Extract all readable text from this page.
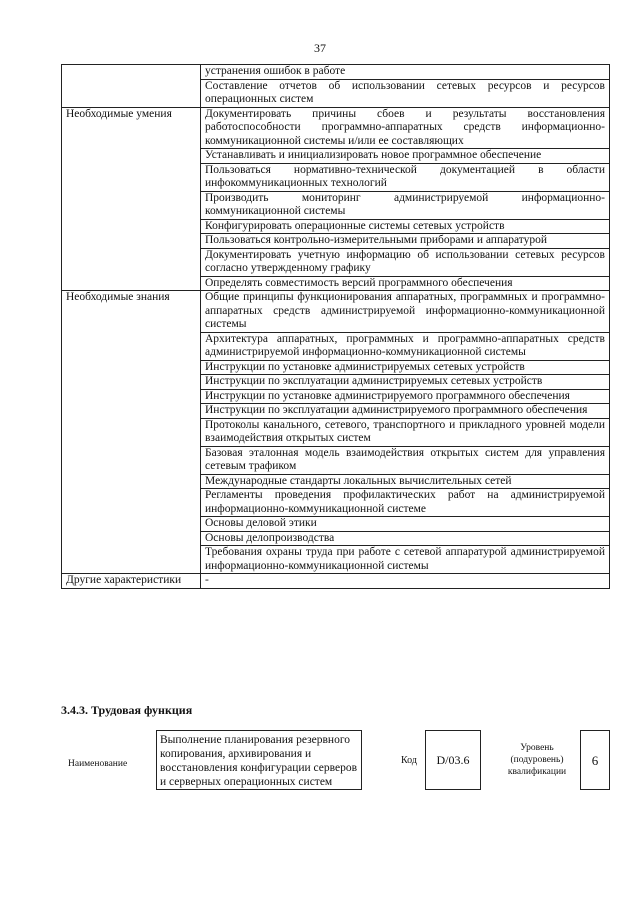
37
	устранения ошибок в работе
	Составление отчетов об использовании сетевых ресурсов и ресурсов операционных систем
Необходимые умения	Документировать причины сбоев и результаты восстановления работоспособности программно-аппаратных средств информационно-коммуникационной системы и/или ее составляющих
	Устанавливать и инициализировать новое программное обеспечение
	Пользоваться нормативно-технической документацией в области инфокоммуникационных технологий
	Производить мониторинг администрируемой информационно-коммуникационной системы
	Конфигурировать операционные системы сетевых устройств
	Пользоваться контрольно-измерительными приборами и аппаратурой
	Документировать учетную информацию об использовании сетевых ресурсов согласно утвержденному графику
	Определять совместимость версий программного обеспечения
Необходимые знания	Общие принципы функционирования аппаратных, программных и программно-аппаратных средств администрируемой информационно-коммуникационной системы
	Архитектура аппаратных, программных и программно-аппаратных средств администрируемой информационно-коммуникационной системы
	Инструкции по установке администрируемых сетевых устройств
	Инструкции по эксплуатации администрируемых сетевых устройств
	Инструкции по установке администрируемого программного обеспечения
	Инструкции по эксплуатации администрируемого программного обеспечения
	Протоколы канального, сетевого, транспортного и прикладного уровней модели взаимодействия открытых систем
	Базовая эталонная модель взаимодействия открытых систем для управления сетевым трафиком
	Международные стандарты локальных вычислительных сетей
	Регламенты проведения профилактических работ на администрируемой информационно-коммуникационной системе
	Основы деловой этики
	Основы делопроизводства
	Требования охраны труда при работе с сетевой аппаратурой администрируемой информационно-коммуникационной системы
Другие характеристики	-
3.4.3. Трудовая функция
Наименование
Выполнение планирования резервного копирования, архивирования и восстановления конфигурации серверов и серверных операционных систем
Код	D/03.6
Уровень (подуровень) квалификации
6
